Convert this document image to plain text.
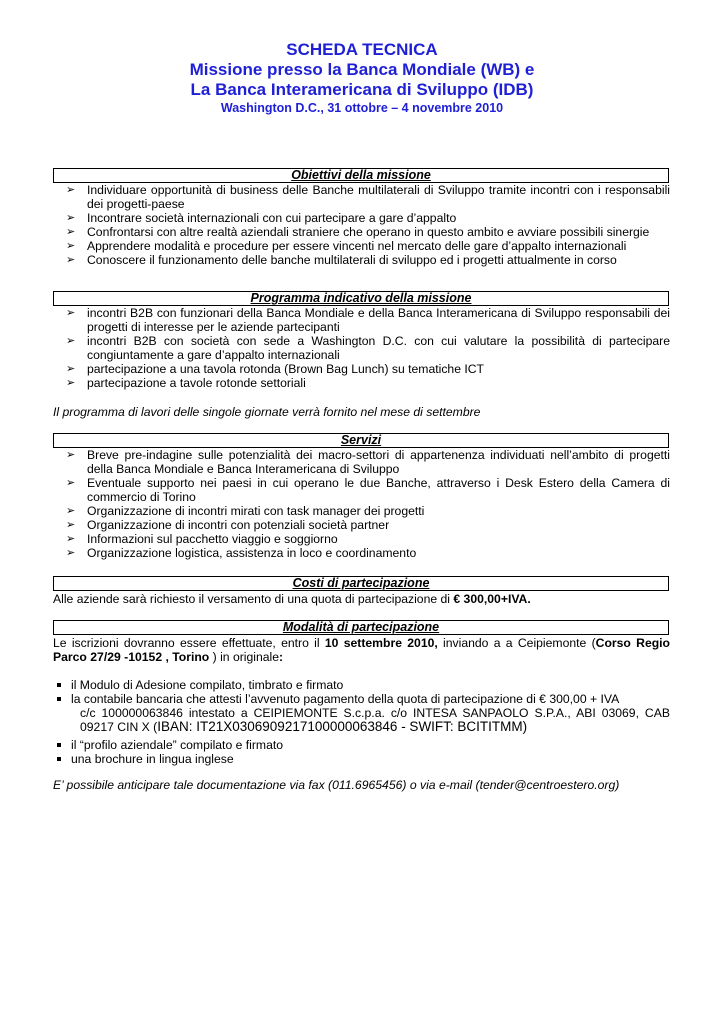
SCHEDA TECNICA
Missione presso la Banca Mondiale (WB) e
La Banca Interamericana di Sviluppo (IDB)
Washington D.C., 31 ottobre – 4 novembre 2010
Obiettivi della missione
➢ Individuare opportunità di business delle Banche multilaterali di Sviluppo tramite incontri con i responsabili dei progetti-paese
➢ Incontrare società internazionali con cui partecipare a gare d’appalto
➢ Confrontarsi con altre realtà aziendali straniere che operano in questo ambito e avviare possibili sinergie
➢ Apprendere modalità e procedure per essere vincenti nel mercato delle gare d’appalto internazionali
➢ Conoscere il funzionamento delle banche multilaterali di sviluppo ed i progetti attualmente in corso
Programma indicativo della missione
➢ incontri B2B con funzionari della Banca Mondiale e della Banca Interamericana di Sviluppo responsabili dei progetti di interesse per le aziende partecipanti
➢ incontri B2B con società con sede a Washington D.C. con cui valutare la possibilità di partecipare congiuntamente a gare d’appalto internazionali
➢ partecipazione a una tavola rotonda (Brown Bag Lunch) su tematiche ICT
➢ partecipazione a tavole rotonde settoriali
Il programma di lavori delle singole giornate verrà fornito nel mese di settembre
Servizi
➢ Breve pre-indagine sulle potenzialità dei macro-settori di appartenenza individuati nell’ambito di progetti della Banca Mondiale e Banca Interamericana di Sviluppo
➢ Eventuale supporto nei paesi in cui operano le due Banche, attraverso i Desk Estero della Camera di commercio di Torino
➢ Organizzazione di incontri mirati con task manager dei progetti
➢ Organizzazione di incontri con potenziali società partner
➢ Informazioni sul pacchetto viaggio e soggiorno
➢ Organizzazione logistica, assistenza in loco e coordinamento
Costi di partecipazione
Alle aziende sarà richiesto il versamento di una quota di partecipazione di € 300,00+IVA.
Modalità di partecipazione
Le iscrizioni dovranno essere effettuate, entro il 10 settembre 2010, inviando a a Ceipiemonte (Corso Regio Parco 27/29 -10152 , Torino ) in originale:
il Modulo di Adesione compilato, timbrato e firmato
la contabile bancaria che attesti l’avvenuto pagamento della quota di partecipazione di € 300,00 + IVA
c/c 100000063846 intestato a CEIPIEMONTE S.c.p.a. c/o INTESA SANPAOLO S.P.A., ABI 03069, CAB 09217 CIN X (IBAN: IT21X0306909217100000063846 - SWIFT: BCITITMM)
il “profilo aziendale” compilato e firmato
una brochure in lingua inglese
E’ possibile anticipare tale documentazione via fax (011.6965456) o via e-mail (tender@centroestero.org)
